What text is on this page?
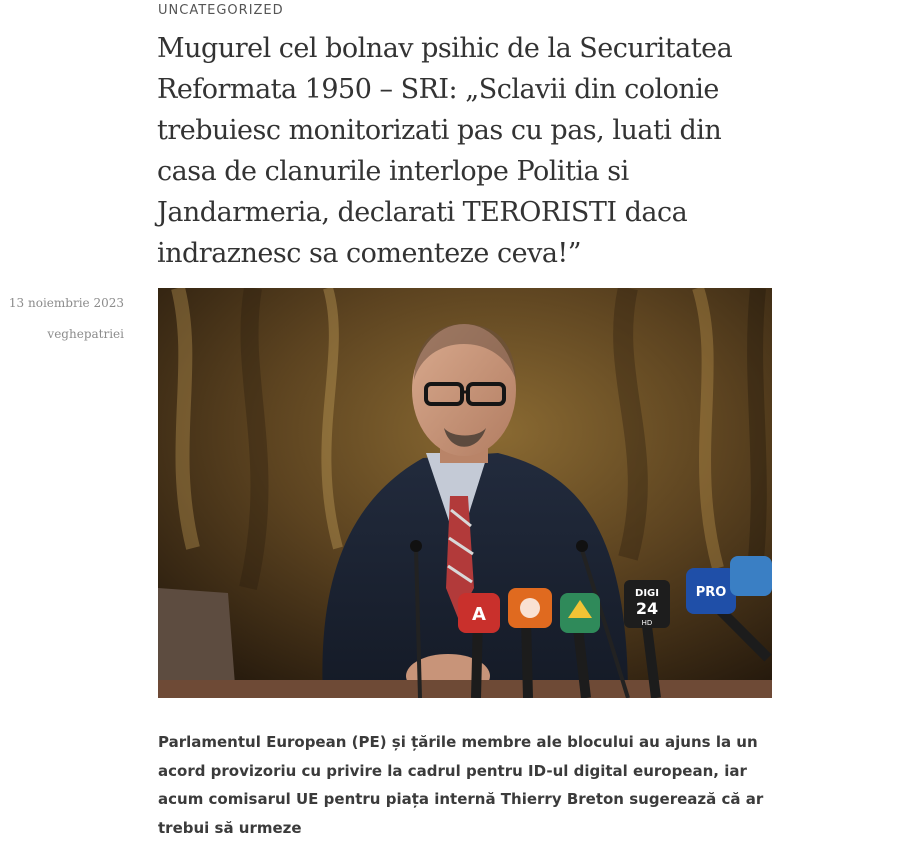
UNCATEGORIZED
Mugurel cel bolnav psihic de la Securitatea Reformata 1950 – SRI: „Sclavii din colonie trebuiesc monitorizati pas cu pas, luati din casa de clanurile interlope Politia si Jandarmeria, declarati TERORISTI daca indraznesc sa comenteze ceva!”
13 noiembrie 2023
veghepatriei
A
DIGI
24
HD
PRO

Parlamentul European (PE) și țările membre ale blocului au ajuns la un acord provizoriu cu privire la cadrul pentru ID-ul digital european, iar acum comisarul UE pentru piața internă Thierry Breton sugerează că ar trebui să urmeze
